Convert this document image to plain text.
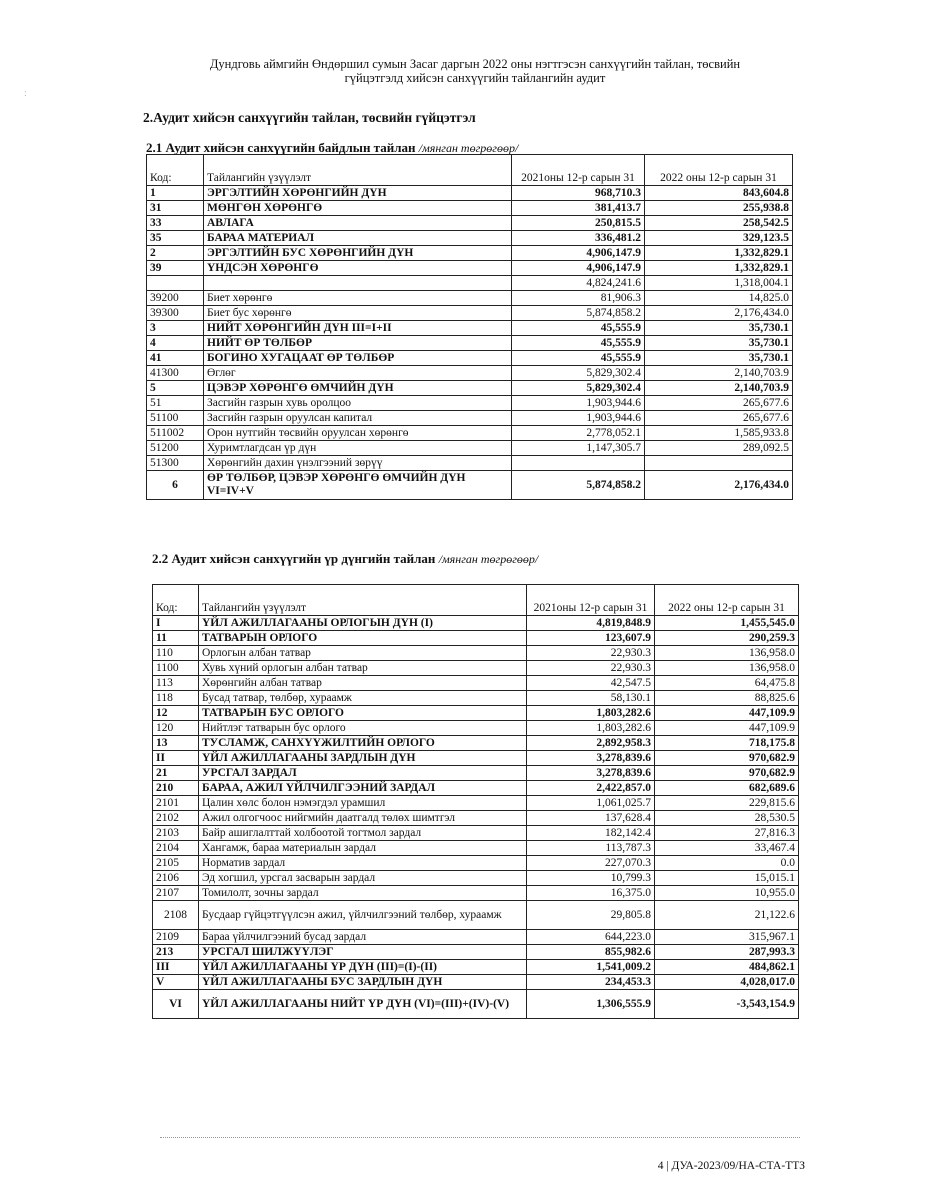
Дундговь аймгийн Өндөршил сумын Засаг даргын 2022 оны нэгтгэсэн санхүүгийн тайлан, төсвийн
гүйцэтгэлд хийсэн санхүүгийн тайлангийн аудит
2.Аудит хийсэн санхүүгийн тайлан, төсвийн гүйцэтгэл
2.1 Аудит хийсэн санхүүгийн байдлын тайлан /мянган төгрөгөөр/
Код:	Тайлангийн үзүүлэлт	2021оны 12-р сарын 31	2022 оны 12-р сарын 31
1	ЭРГЭЛТИЙН ХӨРӨНГИЙН ДҮН	968,710.3	843,604.8
31	МӨНГӨН ХӨРӨНГӨ	381,413.7	255,938.8
33	АВЛАГА	250,815.5	258,542.5
35	БАРАА МАТЕРИАЛ	336,481.2	329,123.5
2	ЭРГЭЛТИЙН БУС ХӨРӨНГИЙН ДҮН	4,906,147.9	1,332,829.1
39	ҮНДСЭН ХӨРӨНГӨ	4,906,147.9	1,332,829.1
		4,824,241.6	1,318,004.1
39200	Биет хөрөнгө	81,906.3	14,825.0
39300	Биет бус хөрөнгө	5,874,858.2	2,176,434.0
3	НИЙТ ХӨРӨНГИЙН ДҮН III=I+II	45,555.9	35,730.1
4	НИЙТ ӨР ТӨЛБӨР	45,555.9	35,730.1
41	БОГИНО ХУГАЦААТ ӨР ТӨЛБӨР	45,555.9	35,730.1
41300	Өглөг	5,829,302.4	2,140,703.9
5	ЦЭВЭР ХӨРӨНГӨ ӨМЧИЙН ДҮН	5,829,302.4	2,140,703.9
51	Засгийн газрын хувь оролцоо	1,903,944.6	265,677.6
51100	Засгийн газрын оруулсан капитал	1,903,944.6	265,677.6
511002	Орон нутгийн төсвийн оруулсан хөрөнгө	2,778,052.1	1,585,933.8
51200	Хуримтлагдсан үр дүн	1,147,305.7	289,092.5
51300	Хөрөнгийн дахин үнэлгээний зөрүү		
6	ӨР ТӨЛБӨР, ЦЭВЭР ХӨРӨНГӨ ӨМЧИЙН ДҮН VI=IV+V	5,874,858.2	2,176,434.0
2.2 Аудит хийсэн санхүүгийн үр дүнгийн тайлан /мянган төгрөгөөр/
Код:	Тайлангийн үзүүлэлт	2021оны 12-р сарын 31	2022 оны 12-р сарын 31
I	ҮЙЛ АЖИЛЛАГААНЫ ОРЛОГЫН ДҮН (I)	4,819,848.9	1,455,545.0
11	ТАТВАРЫН ОРЛОГО	123,607.9	290,259.3
110	Орлогын албан татвар	22,930.3	136,958.0
1100	Хувь хүний орлогын албан татвар	22,930.3	136,958.0
113	Хөрөнгийн албан татвар	42,547.5	64,475.8
118	Бусад татвар, төлбөр, хураамж	58,130.1	88,825.6
12	ТАТВАРЫН БУС ОРЛОГО	1,803,282.6	447,109.9
120	Нийтлэг татварын бус орлого	1,803,282.6	447,109.9
13	ТУСЛАМЖ, САНХҮҮЖИЛТИЙН ОРЛОГО	2,892,958.3	718,175.8
II	ҮЙЛ АЖИЛЛАГААНЫ ЗАРДЛЫН ДҮН	3,278,839.6	970,682.9
21	УРСГАЛ ЗАРДАЛ	3,278,839.6	970,682.9
210	БАРАА, АЖИЛ ҮЙЛЧИЛГЭЭНИЙ ЗАРДАЛ	2,422,857.0	682,689.6
2101	Цалин хөлс болон нэмэгдэл урамшил	1,061,025.7	229,815.6
2102	Ажил олгогчоос нийгмийн даатгалд төлөх шимтгэл	137,628.4	28,530.5
2103	Байр ашиглалттай холбоотой тогтмол зардал	182,142.4	27,816.3
2104	Хангамж, бараа материалын зардал	113,787.3	33,467.4
2105	Норматив зардал	227,070.3	0.0
2106	Эд хогшил, урсгал засварын зардал	10,799.3	15,015.1
2107	Томилолт, зочны зардал	16,375.0	10,955.0
2108	Бусдаар гүйцэтгүүлсэн ажил, үйлчилгээний төлбөр, хураамж	29,805.8	21,122.6
2109	Бараа үйлчилгээний бусад зардал	644,223.0	315,967.1
213	УРСГАЛ ШИЛЖҮҮЛЭГ	855,982.6	287,993.3
III	ҮЙЛ АЖИЛЛАГААНЫ ҮР ДҮН (III)=(I)-(II)	1,541,009.2	484,862.1
V	ҮЙЛ АЖИЛЛАГААНЫ БУС ЗАРДЛЫН ДҮН	234,453.3	4,028,017.0
VI	ҮЙЛ АЖИЛЛАГААНЫ НИЙТ ҮР ДҮН (VI)=(III)+(IV)-(V)	1,306,555.9	-3,543,154.9
4 | ДУА-2023/09/НА-СТА-ТТЗ
:
